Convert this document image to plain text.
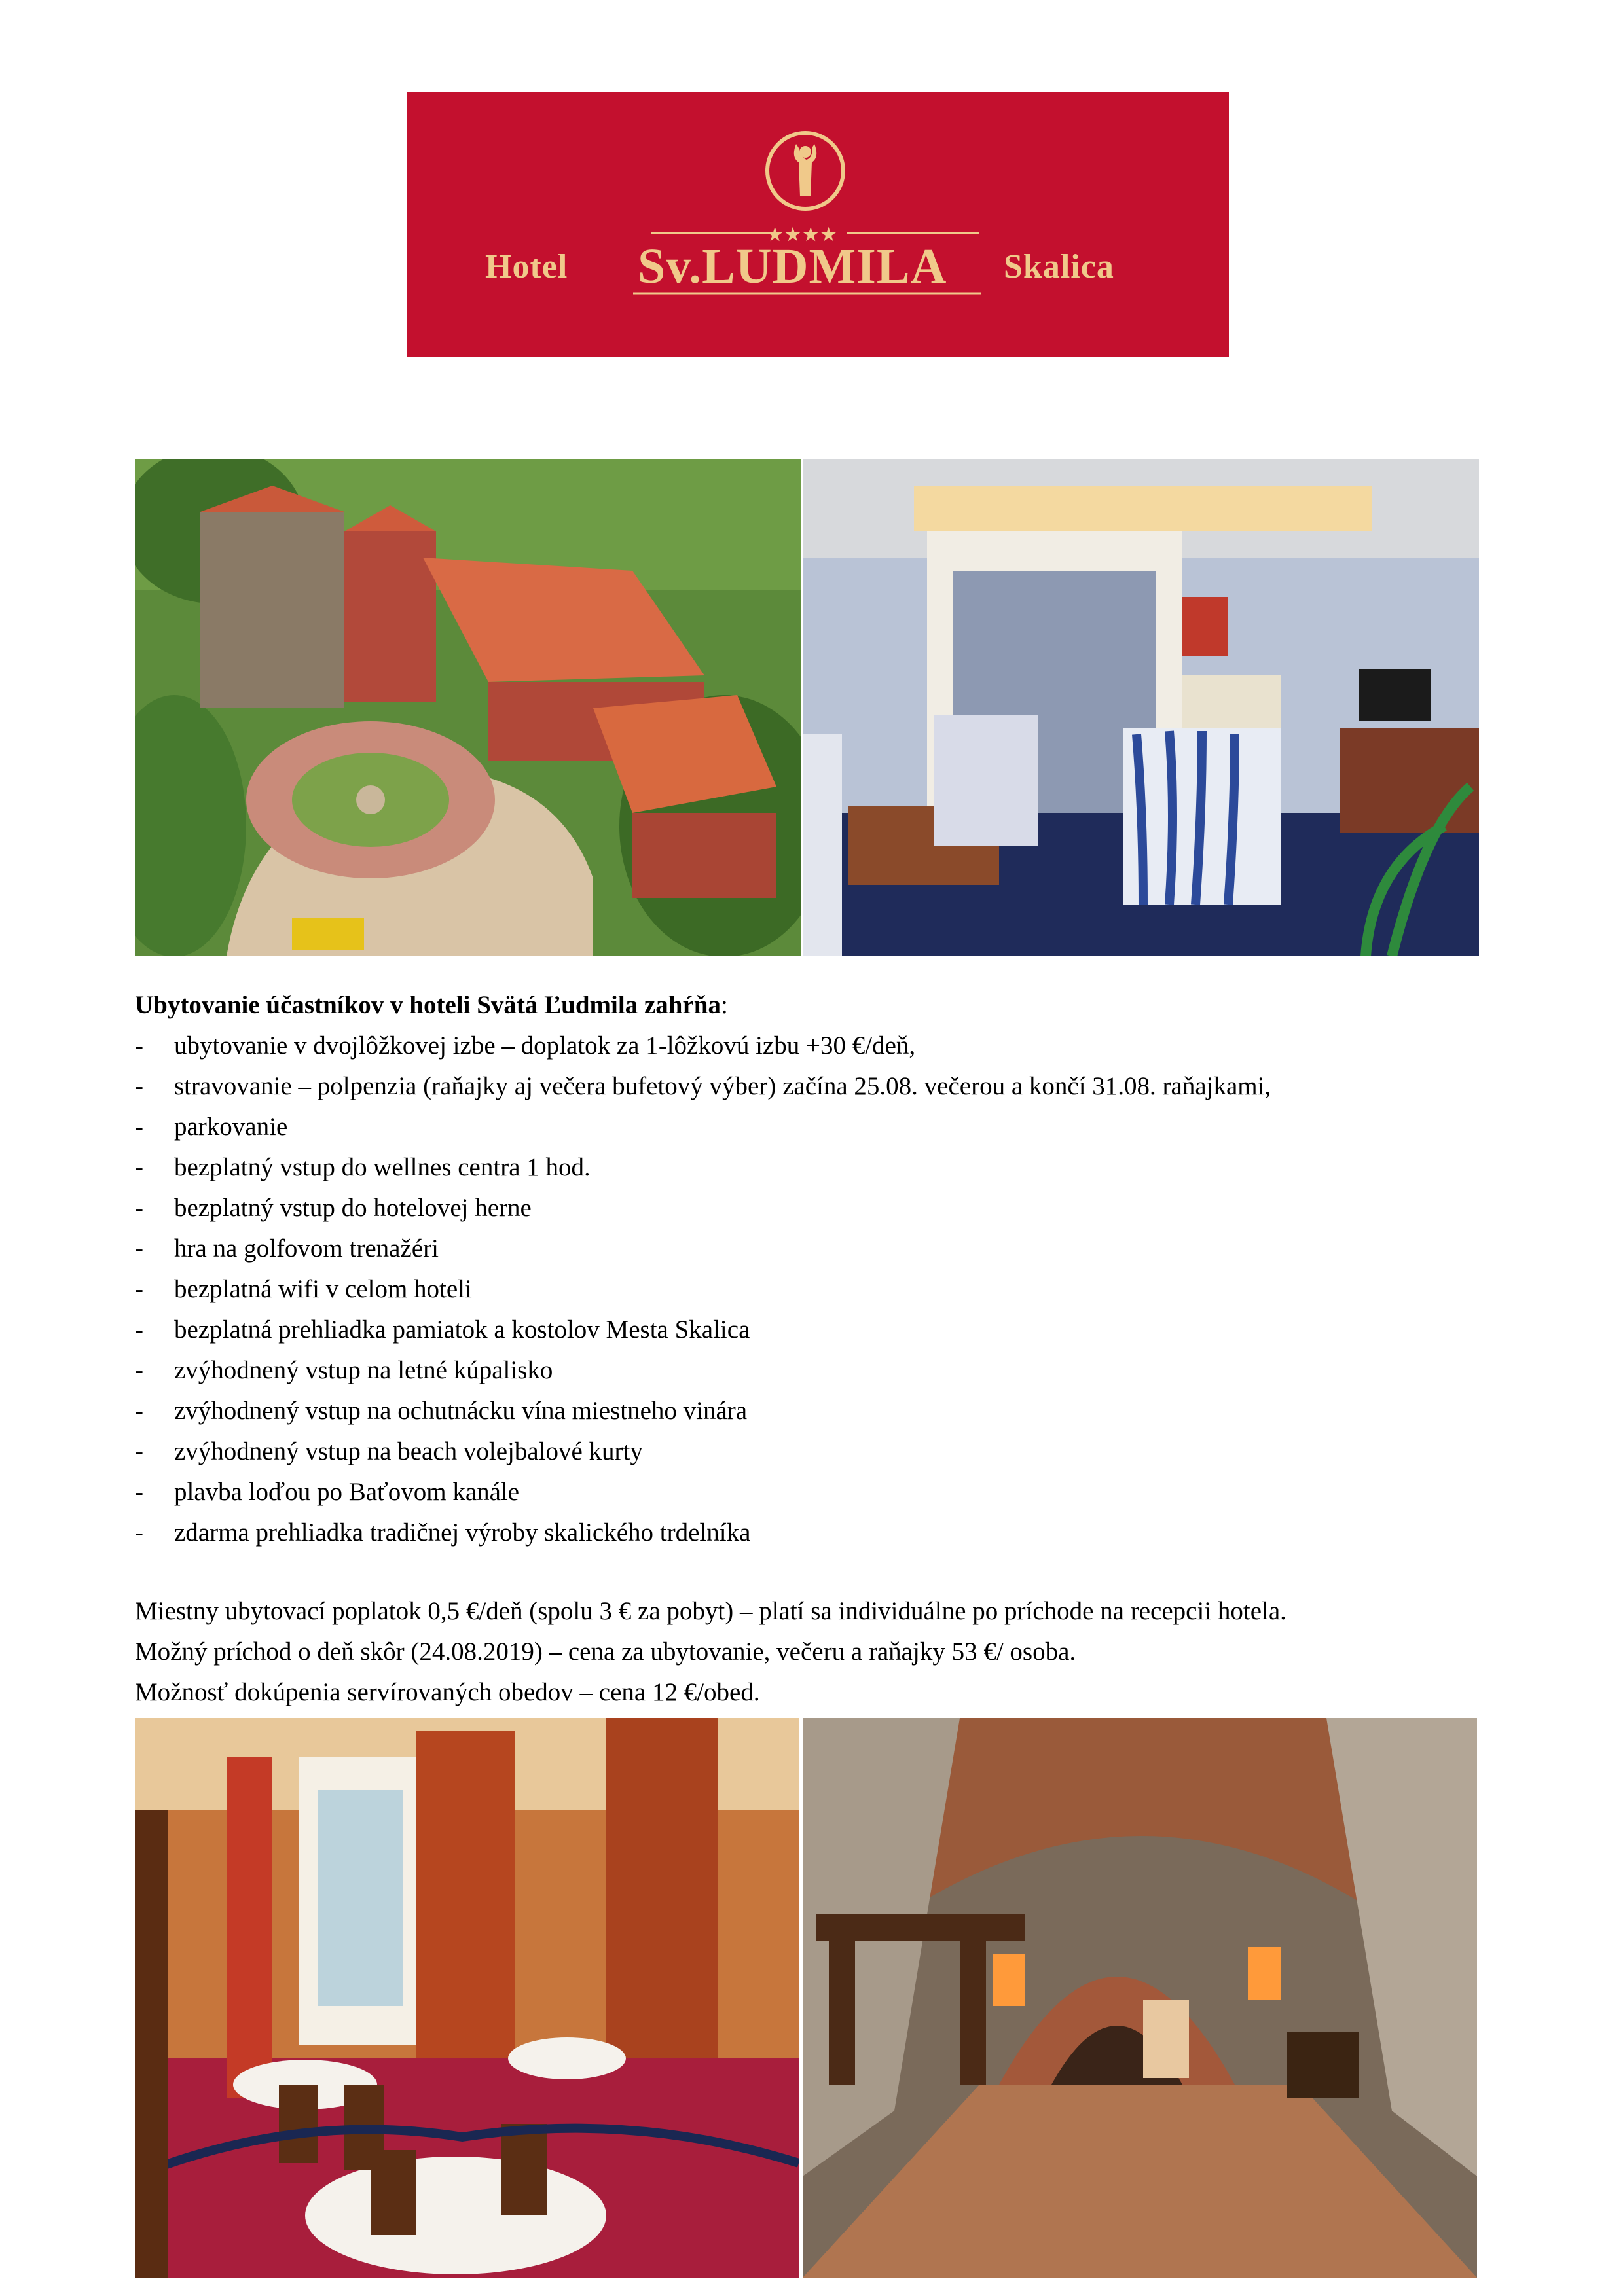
★★★★
Hotel Sv.LUDMILA Skalica

Ubytovanie účastníkov v hoteli Svätá Ľudmila zahŕňa:

- ubytovanie v dvojlôžkovej izbe – doplatok za 1-lôžkovú izbu +30 €/deň,
- stravovanie – polpenzia (raňajky aj večera bufetový výber) začína 25.08. večerou a končí 31.08. raňajkami,
- parkovanie
- bezplatný vstup do wellnes centra 1 hod.
- bezplatný vstup do hotelovej herne
- hra na golfovom trenažéri
- bezplatná wifi v celom hoteli
- bezplatná prehliadka pamiatok a kostolov Mesta Skalica
- zvýhodnený vstup na letné kúpalisko
- zvýhodnený vstup na ochutnácku vína miestneho vinára
- zvýhodnený vstup na beach volejbalové kurty
- plavba loďou po Baťovom kanále
- zdarma prehliadka tradičnej výroby skalického trdelníka

Miestny ubytovací poplatok 0,5 €/deň (spolu 3 € za pobyt) – platí sa individuálne po príchode na recepcii hotela.

Možný príchod o deň skôr (24.08.2019) – cena za ubytovanie, večeru a raňajky 53 €/ osoba.

Možnosť dokúpenia servírovaných obedov – cena 12 €/obed.
